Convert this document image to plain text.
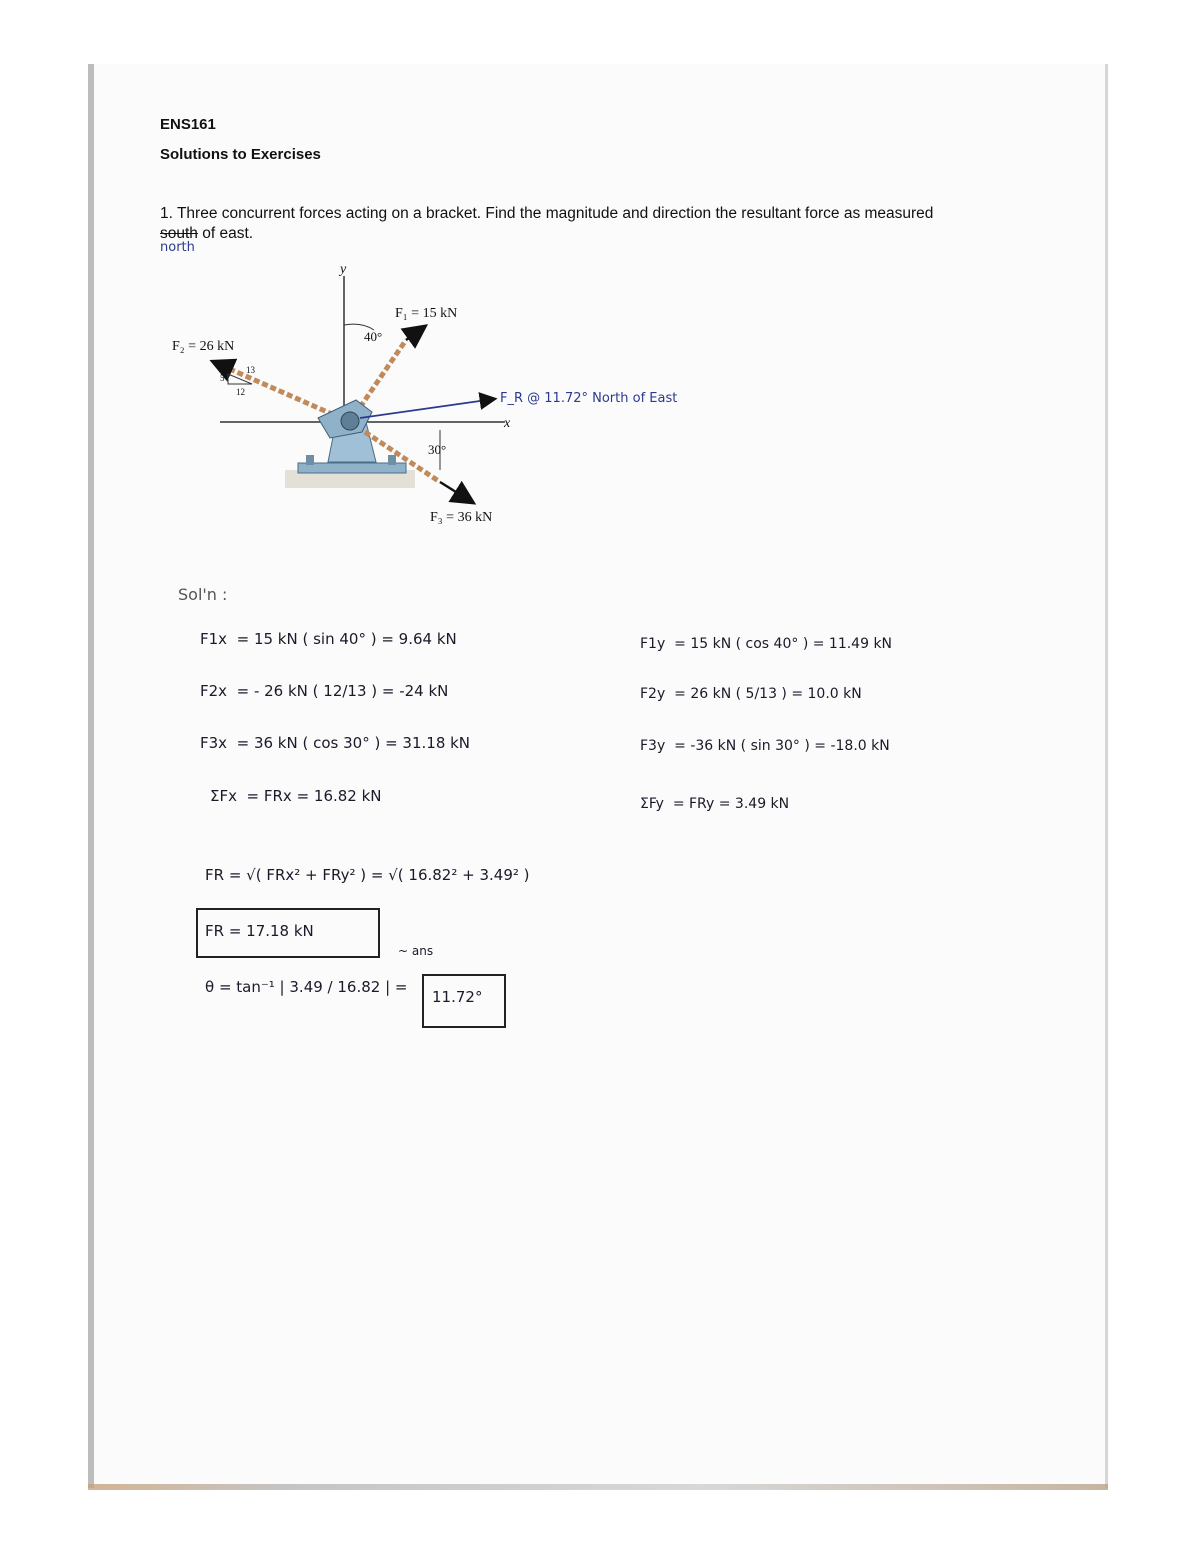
ENS161
Solutions to Exercises
1. Three concurrent forces acting on a bracket. Find the magnitude and direction the resultant force as measured
south of east.
north
y
x
F₁ = 15 kN
F₂ = 26 kN
F₃ = 36 kN
40°
30°
13
5
12	F_R @ 11.72° North of East
Sol'n :
F1x = 15 kN ( sin 40° ) = 9.64 kN
F2x = - 26 kN ( 12/13 ) = -24 kN
F3x = 36 kN ( cos 30° ) = 31.18 kN
ΣFx = FRx = 16.82 kN
F1y = 15 kN ( cos 40° ) = 11.49 kN
F2y = 26 kN ( 5/13 ) = 10.0 kN
F3y = -36 kN ( sin 30° ) = -18.0 kN
ΣFy = FRy = 3.49 kN
FR = √( FRx² + FRy² ) = √( 16.82² + 3.49² )
FR = 17.18 kN
~ ans
θ = tan⁻¹ | 3.49 / 16.82 | =
11.72°
